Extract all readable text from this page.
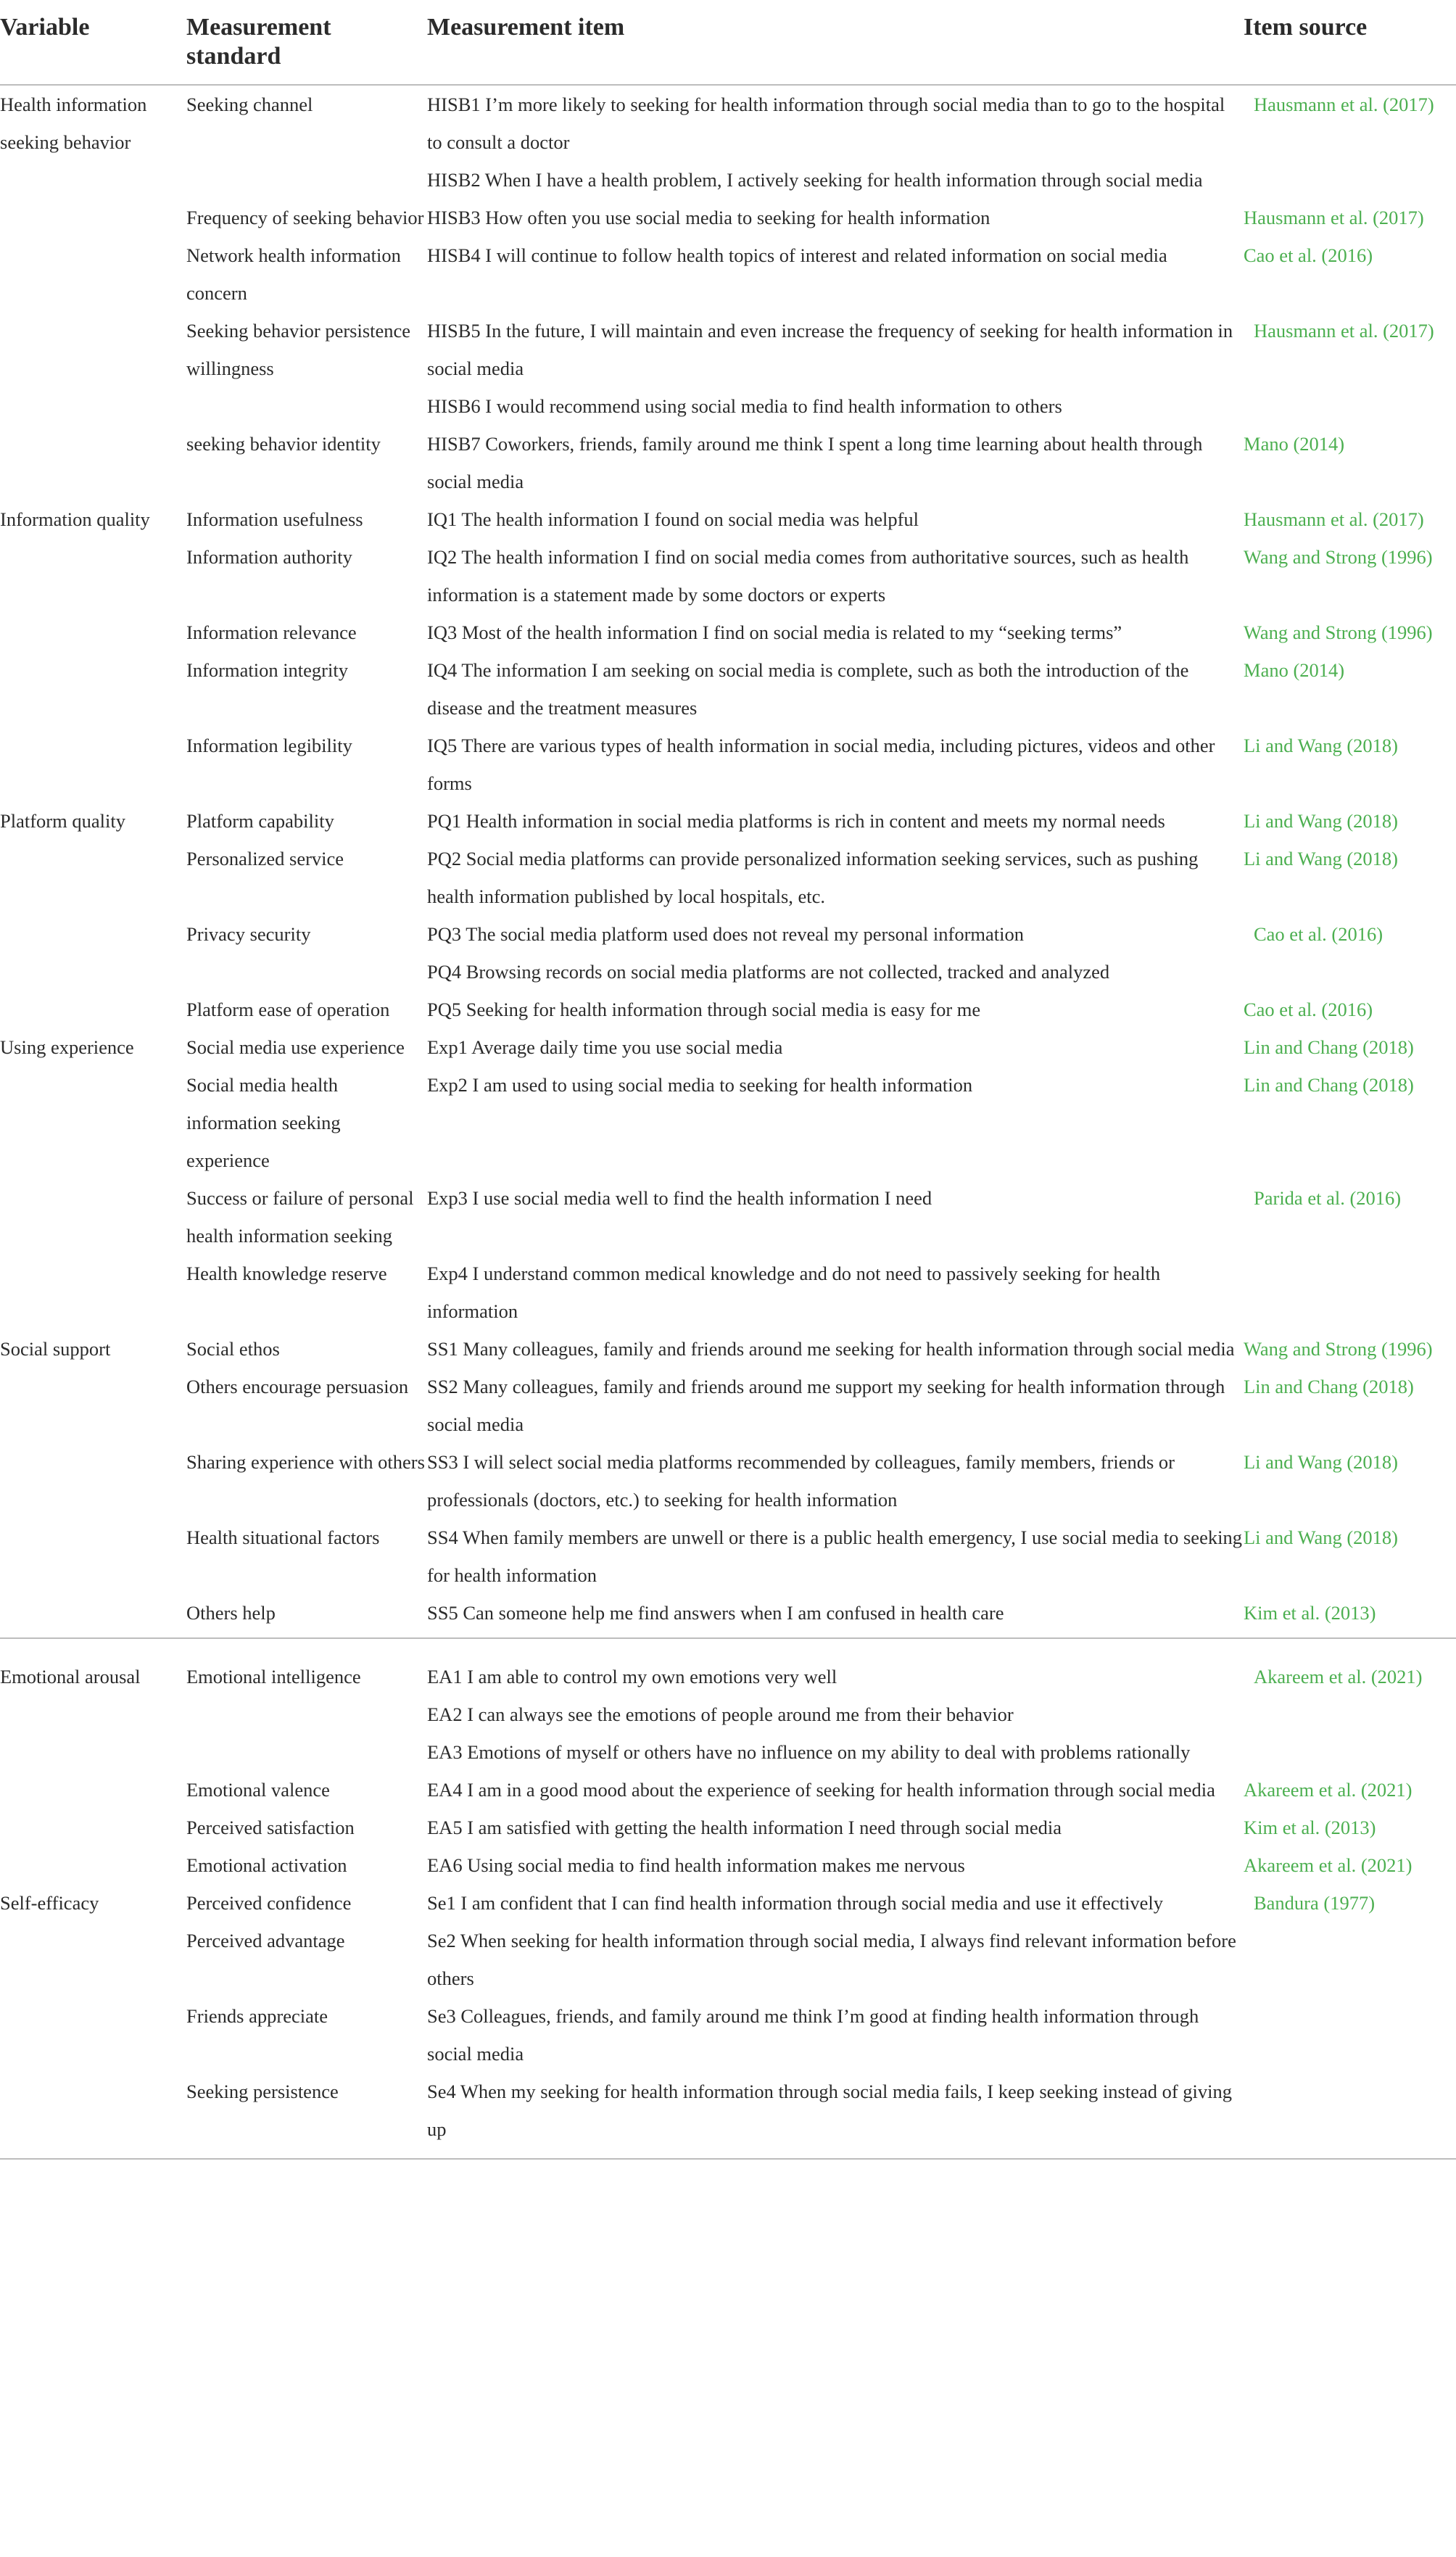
Variable	Measurement standard	Measurement item	Item source
Health information seeking behavior	Seeking channel	HISB1 I’m more likely to seeking for health information through social media than to go to the hospital to consult a doctor	Hausmann et al. (2017)
		HISB2 When I have a health problem, I actively seeking for health information through social media	
	Frequency of seeking behavior	HISB3 How often you use social media to seeking for health information	Hausmann et al. (2017)
	Network health information concern	HISB4 I will continue to follow health topics of interest and related information on social media	Cao et al. (2016)
	Seeking behavior persistence willingness	HISB5 In the future, I will maintain and even increase the frequency of seeking for health information in social media	Hausmann et al. (2017)
		HISB6 I would recommend using social media to find health information to others	
	seeking behavior identity	HISB7 Coworkers, friends, family around me think I spent a long time learning about health through social media	Mano (2014)
Information quality	Information usefulness	IQ1 The health information I found on social media was helpful	Hausmann et al. (2017)
	Information authority	IQ2 The health information I find on social media comes from authoritative sources, such as health information is a statement made by some doctors or experts	Wang and Strong (1996)
	Information relevance	IQ3 Most of the health information I find on social media is related to my “seeking terms”	Wang and Strong (1996)
	Information integrity	IQ4 The information I am seeking on social media is complete, such as both the introduction of the disease and the treatment measures	Mano (2014)
	Information legibility	IQ5 There are various types of health information in social media, including pictures, videos and other forms	Li and Wang (2018)
Platform quality	Platform capability	PQ1 Health information in social media platforms is rich in content and meets my normal needs	Li and Wang (2018)
	Personalized service	PQ2 Social media platforms can provide personalized information seeking services, such as pushing health information published by local hospitals, etc.	Li and Wang (2018)
	Privacy security	PQ3 The social media platform used does not reveal my personal information	Cao et al. (2016)
		PQ4 Browsing records on social media platforms are not collected, tracked and analyzed	
	Platform ease of operation	PQ5 Seeking for health information through social media is easy for me	Cao et al. (2016)
Using experience	Social media use experience	Exp1 Average daily time you use social media	Lin and Chang (2018)
	Social media health information seeking experience	Exp2 I am used to using social media to seeking for health information	Lin and Chang (2018)
	Success or failure of personal health information seeking	Exp3 I use social media well to find the health information I need	Parida et al. (2016)
	Health knowledge reserve	Exp4 I understand common medical knowledge and do not need to passively seeking for health information	
Social support	Social ethos	SS1 Many colleagues, family and friends around me seeking for health information through social media	Wang and Strong (1996)
	Others encourage persuasion	SS2 Many colleagues, family and friends around me support my seeking for health information through social media	Lin and Chang (2018)
	Sharing experience with others	SS3 I will select social media platforms recommended by colleagues, family members, friends or professionals (doctors, etc.) to seeking for health information	Li and Wang (2018)
	Health situational factors	SS4 When family members are unwell or there is a public health emergency, I use social media to seeking for health information	Li and Wang (2018)
	Others help	SS5 Can someone help me find answers when I am confused in health care	Kim et al. (2013)
Emotional arousal	Emotional intelligence	EA1 I am able to control my own emotions very well	Akareem et al. (2021)
		EA2 I can always see the emotions of people around me from their behavior	
		EA3 Emotions of myself or others have no influence on my ability to deal with problems rationally	
	Emotional valence	EA4 I am in a good mood about the experience of seeking for health information through social media	Akareem et al. (2021)
	Perceived satisfaction	EA5 I am satisfied with getting the health information I need through social media	Kim et al. (2013)
	Emotional activation	EA6 Using social media to find health information makes me nervous	Akareem et al. (2021)
Self-efficacy	Perceived confidence	Se1 I am confident that I can find health information through social media and use it effectively	Bandura (1977)
	Perceived advantage	Se2 When seeking for health information through social media, I always find relevant information before others	
	Friends appreciate	Se3 Colleagues, friends, and family around me think I’m good at finding health information through social media	
	Seeking persistence	Se4 When my seeking for health information through social media fails, I keep seeking instead of giving up	
